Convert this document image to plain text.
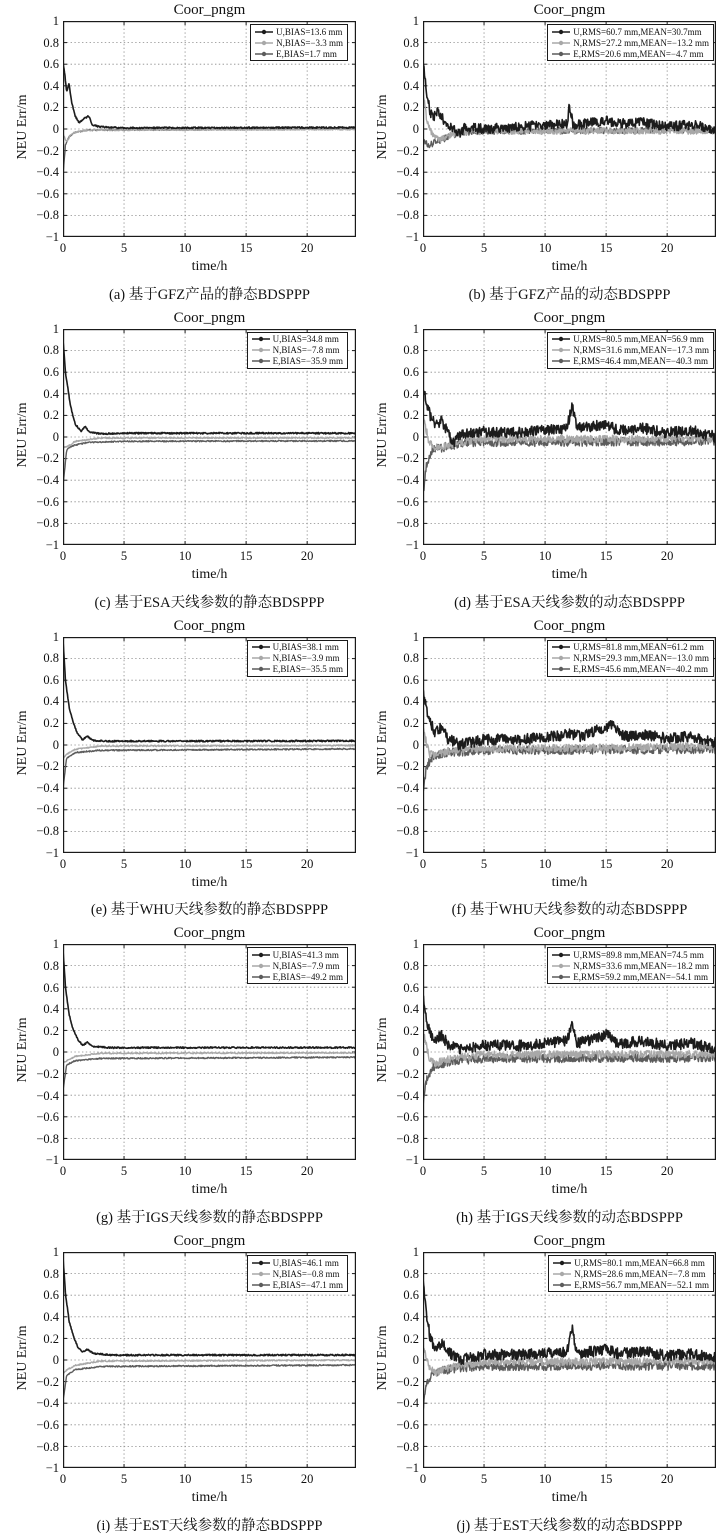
Coor_pngm
NEU Err/m
U,BIAS=13.6 mm
N,BIAS=−3.3 mm
E,BIAS=1.7 mm
time/h
(a) 基于GFZ产品的静态BDSPPP
1
0.8
0.6
0.4
0.2
0
−0.2
−0.4
−0.6
−0.8
−1
0	5	10	15	20
Coor_pngm
NEU Err/m
U,RMS=60.7 mm,MEAN=30.7mm
N,RMS=27.2 mm,MEAN=−13.2 mm
E,RMS=20.6 mm,MEAN=−4.7 mm
time/h
(b) 基于GFZ产品的动态BDSPPP
1
0.8
0.6
0.4
0.2
0
−0.2
−0.4
−0.6
−0.8
−1
0	5	10	15	20
Coor_pngm
NEU Err/m
U,BIAS=34.8 mm
N,BIAS=−7.8 mm
E,BIAS=−35.9 mm
time/h
(c) 基于ESA天线参数的静态BDSPPP
1
0.8
0.6
0.4
0.2
0
−0.2
−0.4
−0.6
−0.8
−1
0	5	10	15	20
Coor_pngm
NEU Err/m
U,RMS=80.5 mm,MEAN=56.9 mm
N,RMS=31.6 mm,MEAN=−17.3 mm
E,RMS=46.4 mm,MEAN=−40.3 mm
time/h
(d) 基于ESA天线参数的动态BDSPPP
1
0.8
0.6
0.4
0.2
0
−0.2
−0.4
−0.6
−0.8
−1
0	5	10	15	20
Coor_pngm
NEU Err/m
U,BIAS=38.1 mm
N,BIAS=−3.9 mm
E,BIAS=−35.5 mm
time/h
(e) 基于WHU天线参数的静态BDSPPP
1
0.8
0.6
0.4
0.2
0
−0.2
−0.4
−0.6
−0.8
−1
0	5	10	15	20
Coor_pngm
NEU Err/m
U,RMS=81.8 mm,MEAN=61.2 mm
N,RMS=29.3 mm,MEAN=−13.0 mm
E,RMS=45.6 mm,MEAN=−40.2 mm
time/h
(f) 基于WHU天线参数的动态BDSPPP
1
0.8
0.6
0.4
0.2
0
−0.2
−0.4
−0.6
−0.8
−1
0	5	10	15	20
Coor_pngm
NEU Err/m
U,BIAS=41.3 mm
N,BIAS=−7.9 mm
E,BIAS=−49.2 mm
time/h
(g) 基于IGS天线参数的静态BDSPPP
1
0.8
0.6
0.4
0.2
0
−0.2
−0.4
−0.6
−0.8
−1
0	5	10	15	20
Coor_pngm
NEU Err/m
U,RMS=89.8 mm,MEAN=74.5 mm
N,RMS=33.6 mm,MEAN=−18.2 mm
E,RMS=59.2 mm,MEAN=−54.1 mm
time/h
(h) 基于IGS天线参数的动态BDSPPP
1
0.8
0.6
0.4
0.2
0
−0.2
−0.4
−0.6
−0.8
−1
0	5	10	15	20
Coor_pngm
NEU Err/m
U,BIAS=46.1 mm
N,BIAS=−0.8 mm
E,BIAS=−47.1 mm
time/h
(i) 基于EST天线参数的静态BDSPPP
1
0.8
0.6
0.4
0.2
0
−0.2
−0.4
−0.6
−0.8
−1
0	5	10	15	20
Coor_pngm
NEU Err/m
U,RMS=80.1 mm,MEAN=66.8 mm
N,RMS=28.6 mm,MEAN=−7.8 mm
E,RMS=56.7 mm,MEAN=−52.1 mm
time/h
(j) 基于EST天线参数的动态BDSPPP
1
0.8
0.6
0.4
0.2
0
−0.2
−0.4
−0.6
−0.8
−1
0	5	10	15	20
